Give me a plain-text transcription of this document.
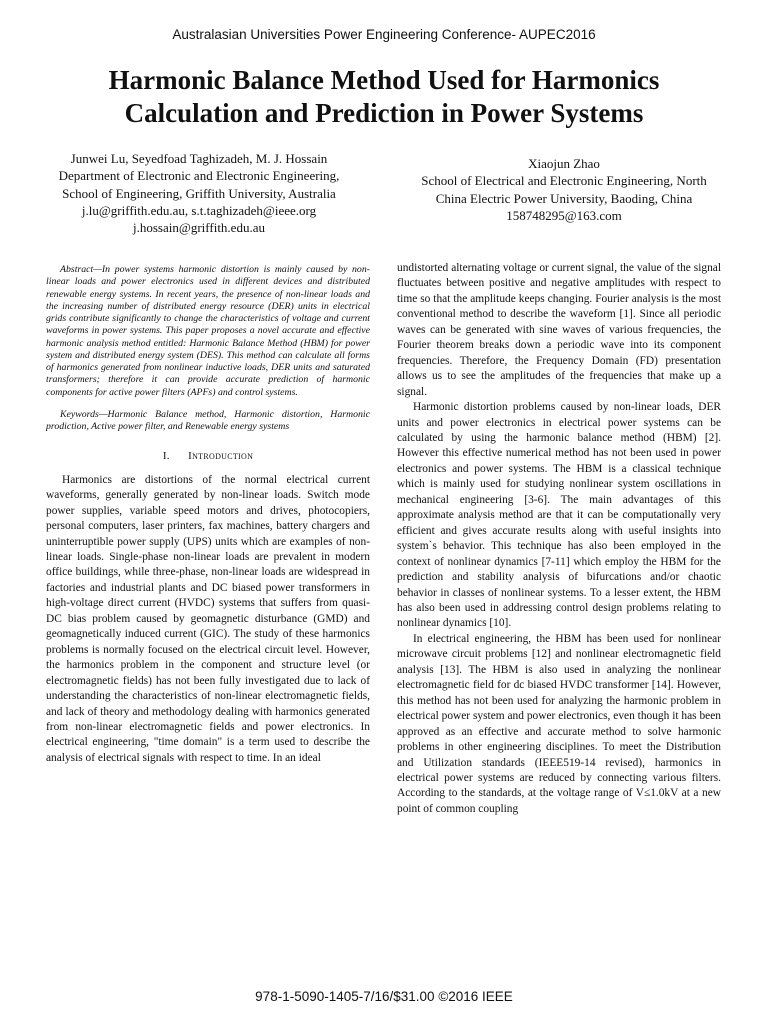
Australasian Universities Power Engineering Conference- AUPEC2016
Harmonic Balance Method Used for Harmonics
Calculation and Prediction in Power Systems
Junwei Lu, Seyedfoad Taghizadeh, M. J. Hossain
Department of Electronic and Electronic Engineering,
School of Engineering, Griffith University, Australia
j.lu@griffith.edu.au, s.t.taghizadeh@ieee.org
j.hossain@griffith.edu.au
Xiaojun Zhao
School of Electrical and Electronic Engineering, North
China Electric Power University, Baoding, China
158748295@163.com

Abstract—In power systems harmonic distortion is mainly caused by non-linear loads and power electronics used in different devices and distributed renewable energy systems. In recent years, the presence of non-linear loads and the increasing number of distributed energy resource (DER) units in electrical grids contribute significantly to change the characteristics of voltage and current waveforms in power systems. This paper proposes a novel accurate and effective harmonic analysis method entitled: Harmonic Balance Method (HBM) for power system and distributed energy system (DES). This method can calculate all forms of harmonics generated from nonlinear inductive loads, DER units and saturated transformers; therefore it can provide accurate prediction of harmonic components for active power filters (APFs) and control systems.

Keywords—Harmonic Balance method, Harmonic distortion, Harmonic prodiction, Active power filter, and Renewable energy systems

I. Introduction

Harmonics are distortions of the normal electrical current waveforms, generally generated by non-linear loads. Switch mode power supplies, variable speed motors and drives, photocopiers, personal computers, laser printers, fax machines, battery chargers and uninterruptible power supply (UPS) units which are examples of non-linear loads. Single-phase non-linear loads are prevalent in modern office buildings, while three-phase, non-linear loads are widespread in factories and industrial plants and DC biased power transformers in high-voltage direct current (HVDC) systems that suffers from quasi-DC bias problem caused by geomagnetic disturbance (GMD) and geomagnetically induced current (GIC). The study of these harmonics problems is normally focused on the electrical circuit level. However, the harmonics problem in the component and structure level (or electromagnetic fields) has not been fully investigated due to lack of understanding the characteristics of non-linear electromagnetic fields, and lack of theory and methodology dealing with harmonics generated from non-linear electromagnetic fields and power electronics. In electrical engineering, "time domain" is a term used to describe the analysis of electrical signals with respect to time. In an ideal

undistorted alternating voltage or current signal, the value of the signal fluctuates between positive and negative amplitudes with respect to time so that the amplitude keeps changing. Fourier analysis is the most conventional method to describe the waveform [1]. Since all periodic waves can be generated with sine waves of various frequencies, the Fourier theorem breaks down a periodic wave into its component frequencies. Therefore, the Frequency Domain (FD) presentation allows us to see the amplitudes of the frequencies that make up a signal.

Harmonic distortion problems caused by non-linear loads, DER units and power electronics in electrical power systems can be calculated by using the harmonic balance method (HBM) [2]. However this effective numerical method has not been used in power electronics and power systems. The HBM is a classical technique which is mainly used for studying nonlinear system oscillations in mechanical engineering [3-6]. The main advantages of this approximate analysis method are that it can be computationally very efficient and gives accurate results along with useful insights into system`s behavior. This technique has also been employed in the context of nonlinear dynamics [7-11] which employ the HBM for the prediction and stability analysis of bifurcations and/or chaotic behavior in classes of nonlinear systems. To a lesser extent, the HBM has also been used in addressing control design problems relating to nonlinear dynamics [10].

In electrical engineering, the HBM has been used for nonlinear microwave circuit problems [12] and nonlinear electromagnetic field analysis [13]. The HBM is also used in analyzing the nonlinear electromagnetic field for dc biased HVDC transformer [14]. However, this method has not been used for analyzing the harmonic problem in electrical power system and power electronics, even though it has been approved as an effective and accurate method to solve harmonic problems in other engineering disciplines. To meet the Distribution and Utilization standards (IEEE519-14 revised), harmonics in electrical power systems are reduced by connecting various filters. According to the standards, at the voltage range of V≤1.0kV at a new point of common coupling

978-1-5090-1405-7/16/$31.00 ©2016 IEEE
